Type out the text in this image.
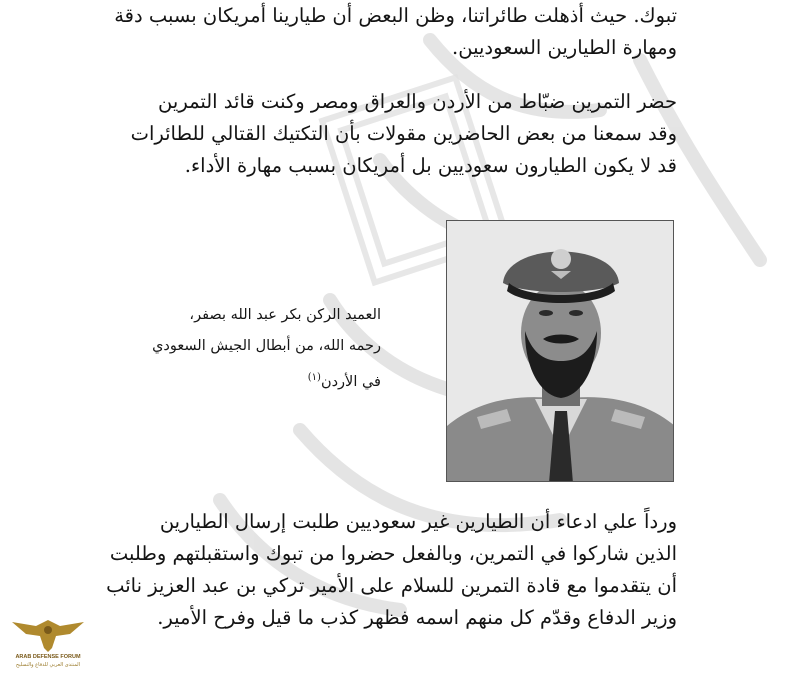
تبوك. حيث أذهلت طائراتنا، وظن البعض أن طيارينا أمريكان بسبب دقة
ومهارة الطيارين السعوديين.
حضر التمرين ضبّاط من الأردن والعراق ومصر وكنت قائد التمرين
وقد سمعنا من بعض الحاضرين مقولات بأن التكتيك القتالي للطائرات
قد لا يكون الطيارون سعوديين بل أمريكان بسبب مهارة الأداء.
العميد الركن بكر عبد الله بصفر،
رحمه الله، من أبطال الجيش السعودي
في الأردن$^{(١)}$
ورداً علي ادعاء أن الطيارين غير سعوديين طلبت إرسال الطيارين
الذين شاركوا في التمرين، وبالفعل حضروا من تبوك واستقبلتهم وطلبت
أن يتقدموا مع قادة التمرين للسلام على الأمير تركي بن عبد العزيز نائب
وزير الدفاع وقدّم كل منهم اسمه فظهر كذب ما قيل وفرح الأمير.
ARAB DEFENSE FORUM
المنتدى العربي للدفاع والتسليح
